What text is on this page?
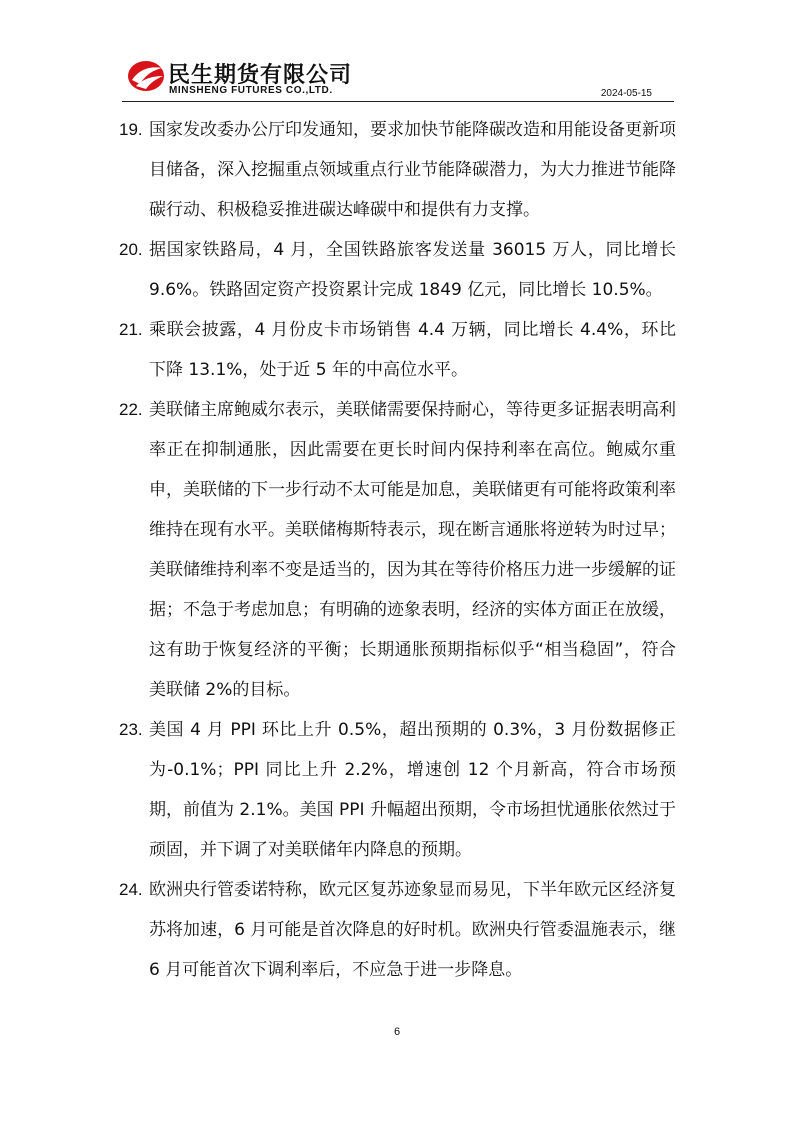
民生期货有限公司
MINSHENG FUTURES CO.,LTD.	2024-05-15
19. 国家发改委办公厅印发通知，要求加快节能降碳改造和用能设备更新项目储备，深入挖掘重点领域重点行业节能降碳潜力，为大力推进节能降碳行动、积极稳妥推进碳达峰碳中和提供有力支撑。
20. 据国家铁路局，4 月，全国铁路旅客发送量 36015 万人，同比增长 9.6%。铁路固定资产投资累计完成 1849 亿元，同比增长 10.5%。
21. 乘联会披露，4 月份皮卡市场销售 4.4 万辆，同比增长 4.4%，环比下降 13.1%，处于近 5 年的中高位水平。
22. 美联储主席鲍威尔表示，美联储需要保持耐心，等待更多证据表明高利率正在抑制通胀，因此需要在更长时间内保持利率在高位。鲍威尔重申，美联储的下一步行动不太可能是加息，美联储更有可能将政策利率维持在现有水平。美联储梅斯特表示，现在断言通胀将逆转为时过早；美联储维持利率不变是适当的，因为其在等待价格压力进一步缓解的证据；不急于考虑加息；有明确的迹象表明，经济的实体方面正在放缓，这有助于恢复经济的平衡；长期通胀预期指标似乎“相当稳固”，符合美联储 2%的目标。
23. 美国 4 月 PPI 环比上升 0.5%，超出预期的 0.3%，3 月份数据修正为-0.1%；PPI 同比上升 2.2%，增速创 12 个月新高，符合市场预期，前值为 2.1%。美国 PPI 升幅超出预期，令市场担忧通胀依然过于顽固，并下调了对美联储年内降息的预期。
24. 欧洲央行管委诺特称，欧元区复苏迹象显而易见，下半年欧元区经济复苏将加速，6 月可能是首次降息的好时机。欧洲央行管委温施表示，继 6 月可能首次下调利率后，不应急于进一步降息。
6
